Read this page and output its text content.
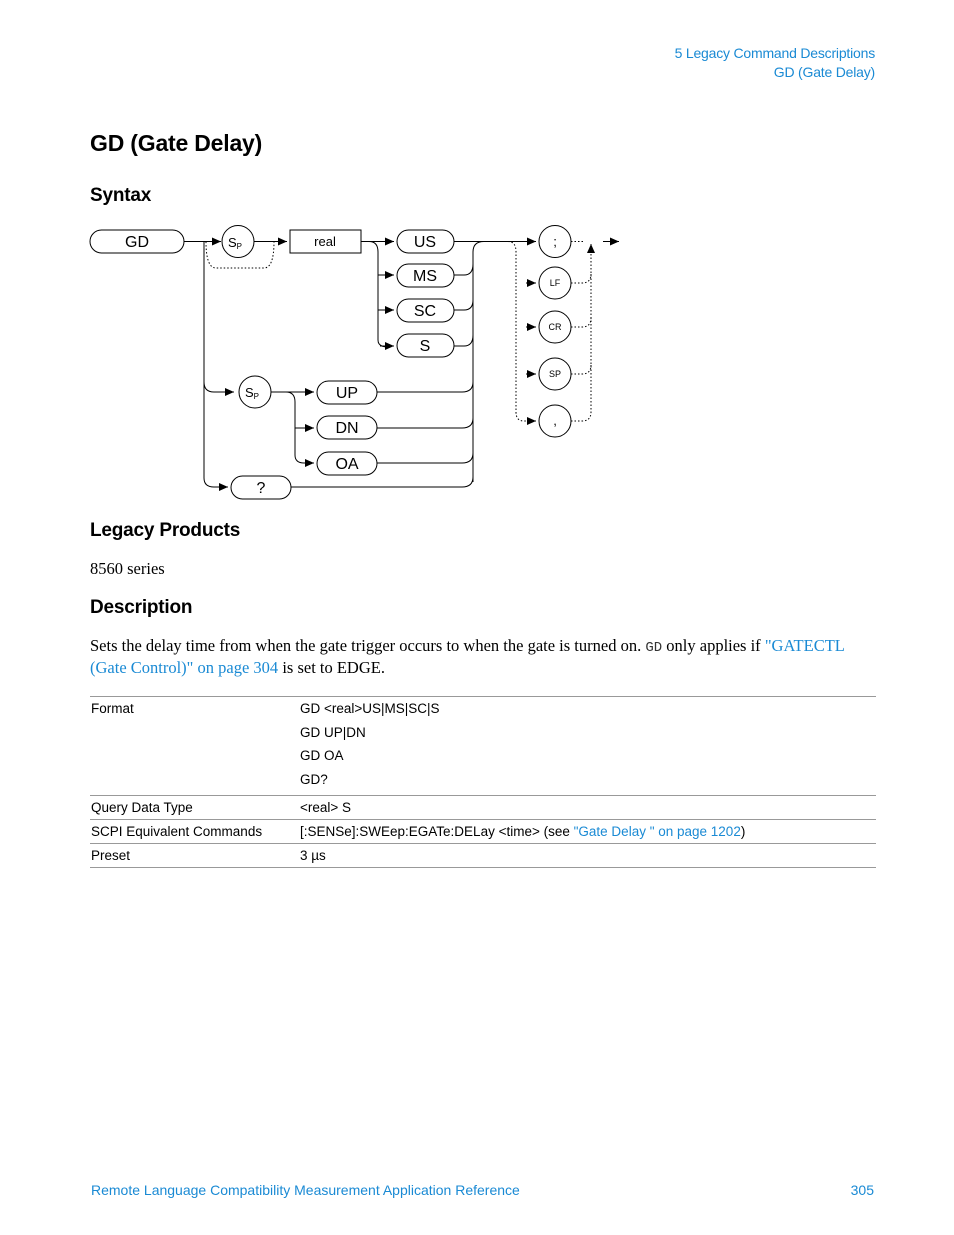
5 Legacy Command Descriptions
GD (Gate Delay)
GD (Gate Delay)
Syntax
GD	SP	real	US
MS
SC
S
SP	UP
DN
OA
?
;
LF
CR
SP
,
Legacy Products

8560 series

Description

Sets the delay time from when the gate trigger occurs to when the gate is turned on. GD only applies if "GATECTL (Gate Control)" on page 304 is set to EDGE.

Format	GD <real>US|MS|SC|S
GD UP|DN
GD OA
GD?

Query Data Type	<real> S
SCPI Equivalent Commands	[:SENSe]:SWEep:EGATe:DELay <time> (see "Gate Delay " on page 1202)
Preset	3 µs
Remote Language Compatibility Measurement Application Reference	305
